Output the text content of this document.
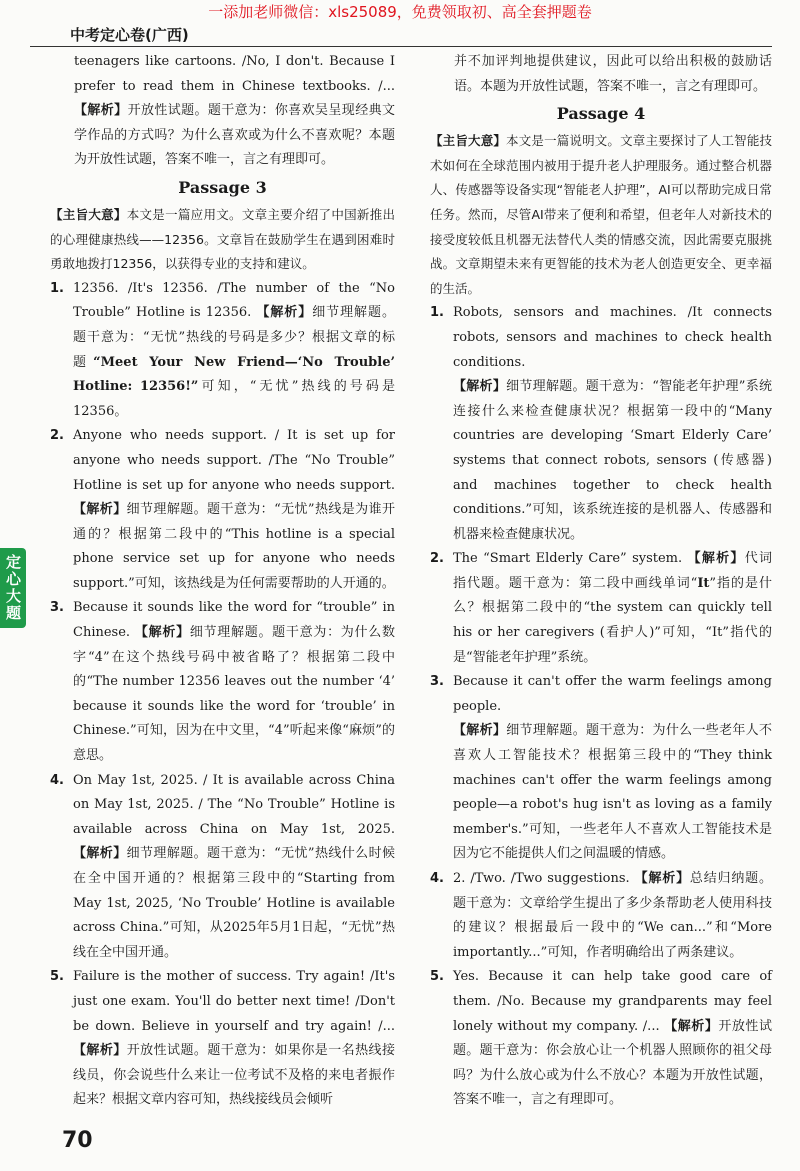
一添加老师微信：xls25089，免费领取初、高全套押题卷
中考定心卷(广西)
定心大题

teenagers like cartoons. /No, I don't. Because I prefer to read them in Chinese textbooks. /... 【解析】开放性试题。题干意为：你喜欢吴呈现经典文学作品的方式吗？为什么喜欢或为什么不喜欢呢？本题为开放性试题，答案不唯一，言之有理即可。

Passage 3

【主旨大意】本文是一篇应用文。文章主要介绍了中国新推出的心理健康热线——12356。文章旨在鼓励学生在遇到困难时勇敢地拨打12356，以获得专业的支持和建议。

1. 12356. /It's 12356. /The number of the “No Trouble” Hotline is 12356. 【解析】细节理解题。题干意为：“无忧”热线的号码是多少？根据文章的标题“Meet Your New Friend—‘No Trouble’ Hotline: 12356!”可知，“无忧”热线的号码是12356。

2. Anyone who needs support. / It is set up for anyone who needs support. /The “No Trouble” Hotline is set up for anyone who needs support. 【解析】细节理解题。题干意为：“无忧”热线是为谁开通的？根据第二段中的“This hotline is a special phone service set up for anyone who needs support.”可知，该热线是为任何需要帮助的人开通的。

3. Because it sounds like the word for “trouble” in Chinese. 【解析】细节理解题。题干意为：为什么数字“4”在这个热线号码中被省略了？根据第二段中的“The number 12356 leaves out the number ‘4’ because it sounds like the word for ‘trouble’ in Chinese.”可知，因为在中文里，“4”听起来像“麻烦”的意思。

4. On May 1st, 2025. / It is available across China on May 1st, 2025. / The “No Trouble” Hotline is available across China on May 1st, 2025. 【解析】细节理解题。题干意为：“无忧”热线什么时候在全中国开通的？根据第三段中的“Starting from May 1st, 2025, ‘No Trouble’ Hotline is available across China.”可知，从2025年5月1日起，“无忧”热线在全中国开通。

5. Failure is the mother of success. Try again! /It's just one exam. You'll do better next time! /Don't be down. Believe in yourself and try again! /... 【解析】开放性试题。题干意为：如果你是一名热线接线员，你会说些什么来让一位考试不及格的来电者振作起来？根据文章内容可知，热线接线员会倾听

并不加评判地提供建议，因此可以给出积极的鼓励话语。本题为开放性试题，答案不唯一，言之有理即可。

Passage 4

【主旨大意】本文是一篇说明文。文章主要探讨了人工智能技术如何在全球范围内被用于提升老人护理服务。通过整合机器人、传感器等设备实现“智能老人护理”，AI可以帮助完成日常任务。然而，尽管AI带来了便利和希望，但老年人对新技术的接受度较低且机器无法替代人类的情感交流，因此需要克服挑战。文章期望未来有更智能的技术为老人创造更安全、更幸福的生活。

1. Robots, sensors and machines. /It connects robots, sensors and machines to check health conditions.
【解析】细节理解题。题干意为：“智能老年护理”系统连接什么来检查健康状况？根据第一段中的“Many countries are developing ‘Smart Elderly Care’ systems that connect robots, sensors (传感器) and machines together to check health conditions.”可知，该系统连接的是机器人、传感器和机器来检查健康状况。

2. The “Smart Elderly Care” system. 【解析】代词指代题。题干意为：第二段中画线单词“It”指的是什么？根据第二段中的“the system can quickly tell his or her caregivers (看护人)”可知，“It”指代的是“智能老年护理”系统。

3. Because it can't offer the warm feelings among people.
【解析】细节理解题。题干意为：为什么一些老年人不喜欢人工智能技术？根据第三段中的“They think machines can't offer the warm feelings among people—a robot's hug isn't as loving as a family member's.”可知，一些老年人不喜欢人工智能技术是因为它不能提供人们之间温暖的情感。

4. 2. /Two. /Two suggestions. 【解析】总结归纳题。题干意为：文章给学生提出了多少条帮助老人使用科技的建议？根据最后一段中的“We can...”和“More importantly...”可知，作者明确给出了两条建议。

5. Yes. Because it can help take good care of them. /No. Because my grandparents may feel lonely without my company. /... 【解析】开放性试题。题干意为：你会放心让一个机器人照顾你的祖父母吗？为什么放心或为什么不放心？本题为开放性试题，答案不唯一，言之有理即可。

70
